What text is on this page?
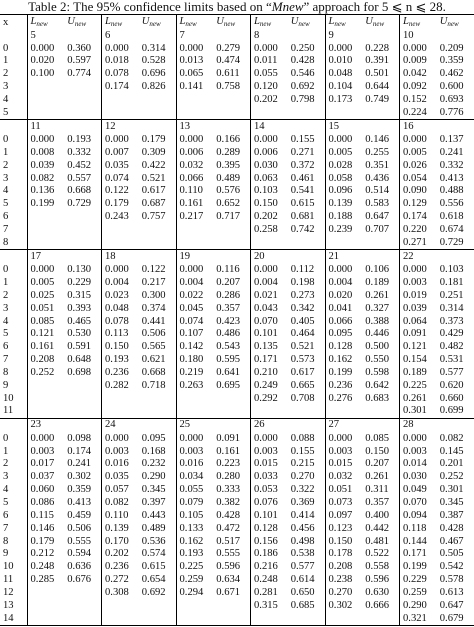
Table 2: The 95% confidence limits based on “Mnew” approach for 5 ⩽ n ⩽ 28.
x	$L_{new}$	$U_{new}$	$L_{new}$	$U_{new}$	$L_{new}$	$U_{new}$	$L_{new}$	$U_{new}$	$L_{new}$	$U_{new}$	$L_{new}$	$U_{new}$
	5		6		7		8		9		10	
0	0.000	0.360	0.000	0.314	0.000	0.279	0.000	0.250	0.000	0.228	0.000	0.209
1	0.020	0.597	0.018	0.528	0.013	0.474	0.011	0.428	0.010	0.391	0.009	0.359
2	0.100	0.774	0.078	0.696	0.065	0.611	0.055	0.546	0.048	0.501	0.042	0.462
3			0.174	0.826	0.141	0.758	0.120	0.692	0.104	0.644	0.092	0.600
4							0.202	0.798	0.173	0.749	0.152	0.693
5											0.224	0.776
	11		12		13		14		15		16	
0	0.000	0.193	0.000	0.179	0.000	0.166	0.000	0.155	0.000	0.146	0.000	0.137
1	0.008	0.332	0.007	0.309	0.006	0.289	0.006	0.271	0.005	0.255	0.005	0.241
2	0.039	0.452	0.035	0.422	0.032	0.395	0.030	0.372	0.028	0.351	0.026	0.332
3	0.082	0.557	0.074	0.521	0.066	0.489	0.063	0.461	0.058	0.436	0.054	0.413
4	0.136	0.668	0.122	0.617	0.110	0.576	0.103	0.541	0.096	0.514	0.090	0.488
5	0.199	0.729	0.179	0.687	0.161	0.652	0.150	0.615	0.139	0.583	0.129	0.556
6			0.243	0.757	0.217	0.717	0.202	0.681	0.188	0.647	0.174	0.618
7							0.258	0.742	0.239	0.707	0.220	0.674
8											0.271	0.729
	17		18		19		20		21		22	
0	0.000	0.130	0.000	0.122	0.000	0.116	0.000	0.112	0.000	0.106	0.000	0.103
1	0.005	0.229	0.004	0.217	0.004	0.207	0.004	0.198	0.004	0.189	0.003	0.181
2	0.025	0.315	0.023	0.300	0.022	0.286	0.021	0.273	0.020	0.261	0.019	0.251
3	0.051	0.393	0.048	0.374	0.045	0.357	0.043	0.342	0.041	0.327	0.039	0.314
4	0.085	0.465	0.078	0.441	0.074	0.423	0.070	0.405	0.066	0.388	0.064	0.373
5	0.121	0.530	0.113	0.506	0.107	0.486	0.101	0.464	0.095	0.446	0.091	0.429
6	0.161	0.591	0.150	0.565	0.142	0.543	0.135	0.521	0.128	0.500	0.121	0.482
7	0.208	0.648	0.193	0.621	0.180	0.595	0.171	0.573	0.162	0.550	0.154	0.531
8	0.252	0.698	0.236	0.668	0.219	0.641	0.210	0.617	0.199	0.598	0.189	0.577
9			0.282	0.718	0.263	0.695	0.249	0.665	0.236	0.642	0.225	0.620
10							0.292	0.708	0.276	0.683	0.261	0.660
11											0.301	0.699
	23		24		25		26		27		28	
0	0.000	0.098	0.000	0.095	0.000	0.091	0.000	0.088	0.000	0.085	0.000	0.082
1	0.003	0.174	0.003	0.168	0.003	0.161	0.003	0.155	0.003	0.150	0.003	0.145
2	0.017	0.241	0.016	0.232	0.016	0.223	0.015	0.215	0.015	0.207	0.014	0.201
3	0.037	0.302	0.035	0.290	0.034	0.280	0.033	0.270	0.032	0.261	0.030	0.252
4	0.060	0.359	0.057	0.345	0.055	0.333	0.053	0.322	0.051	0.311	0.049	0.301
5	0.086	0.413	0.082	0.397	0.079	0.382	0.076	0.369	0.073	0.357	0.070	0.345
6	0.115	0.459	0.110	0.443	0.105	0.428	0.101	0.414	0.097	0.400	0.094	0.387
7	0.146	0.506	0.139	0.489	0.133	0.472	0.128	0.456	0.123	0.442	0.118	0.428
8	0.179	0.555	0.170	0.536	0.162	0.517	0.156	0.498	0.150	0.481	0.144	0.467
9	0.212	0.594	0.202	0.574	0.193	0.555	0.186	0.538	0.178	0.522	0.171	0.505
10	0.248	0.636	0.236	0.615	0.225	0.596	0.216	0.577	0.208	0.558	0.199	0.542
11	0.285	0.676	0.272	0.654	0.259	0.634	0.248	0.614	0.238	0.596	0.229	0.578
12			0.308	0.692	0.294	0.671	0.281	0.650	0.270	0.630	0.259	0.613
13							0.315	0.685	0.302	0.666	0.290	0.647
14											0.321	0.679
